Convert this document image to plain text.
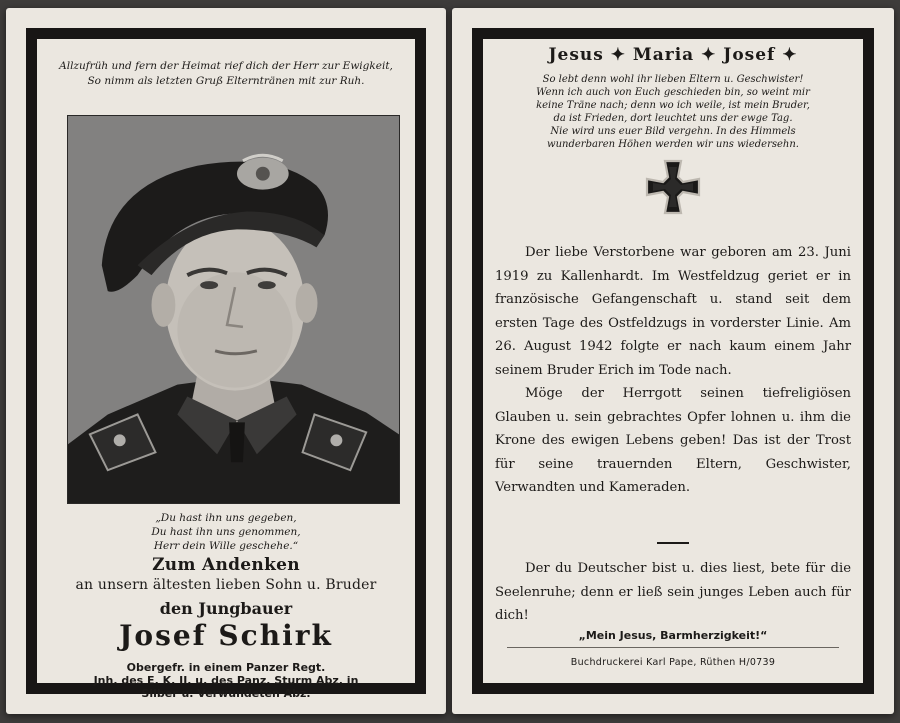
Allzufrüh und fern der Heimat rief dich der Herr zur Ewigkeit,
So nimm als letzten Gruß Elterntränen mit zur Ruh.
„Du hast ihn uns gegeben,
Du hast ihn uns genommen,
Herr dein Wille geschehe.“
Zum Andenken
an unsern ältesten lieben Sohn u. Bruder
den Jungbauer
Josef Schirk
Obergefr. in einem Panzer Regt.
Jnh. des E. K. II. u. des Panz. Sturm Abz. in
Silber u. Verwundeten Abz.
Jesus ✦ Maria ✦ Josef ✦
So lebt denn wohl ihr lieben Eltern u. Geschwister!
Wenn ich auch von Euch geschieden bin, so weint mir
keine Träne nach; denn wo ich weile, ist mein Bruder,
da ist Frieden, dort leuchtet uns der ewge Tag.
Nie wird uns euer Bild vergehn. In des Himmels
wunderbaren Höhen werden wir uns wiedersehn.

Der liebe Verstorbene war geboren am 23. Juni 1919 zu Kallenhardt. Im Westfeldzug geriet er in französische Gefangenschaft u. stand seit dem ersten Tage des Ostfeldzugs in vorderster Linie. Am 26. August 1942 folgte er nach kaum einem Jahr seinem Bruder Erich im Tode nach.

Möge der Herrgott seinen tiefreligiösen Glauben u. sein gebrachtes Opfer lohnen u. ihm die Krone des ewigen Lebens geben! Das ist der Trost für seine trauernden Eltern, Geschwister, Verwandten und Kameraden.

Der du Deutscher bist u. dies liest, bete für die Seelenruhe; denn er ließ sein junges Leben auch für dich!
„Mein Jesus, Barmherzigkeit!“
Buchdruckerei Karl Pape, Rüthen H/0739
